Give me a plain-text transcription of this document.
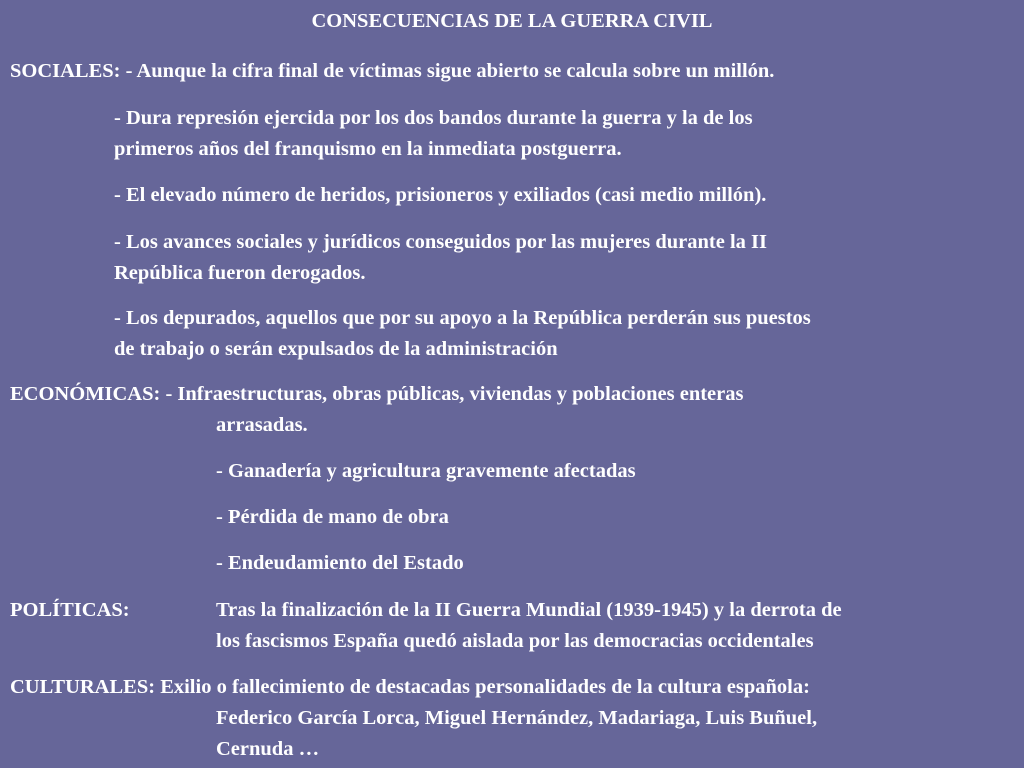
CONSECUENCIAS DE LA GUERRA CIVIL
SOCIALES: - Aunque la cifra final de víctimas sigue abierto se calcula sobre un millón.
- Dura represión ejercida por los dos bandos durante la guerra y la de los
primeros años del franquismo en la inmediata postguerra.
- El elevado número de heridos, prisioneros y exiliados (casi medio millón).
- Los avances sociales y jurídicos conseguidos por las mujeres durante la II
República fueron derogados.
- Los depurados, aquellos que por su apoyo a la República perderán sus puestos
de trabajo o serán expulsados de la administración
ECONÓMICAS: - Infraestructuras, obras públicas, viviendas y poblaciones enteras
arrasadas.
- Ganadería y agricultura gravemente afectadas
- Pérdida de mano de obra
- Endeudamiento del Estado
POLÍTICAS:	Tras la finalización de la II Guerra Mundial (1939-1945) y la derrota de
los fascismos España quedó aislada por las democracias occidentales
CULTURALES: Exilio o fallecimiento de destacadas personalidades de la cultura española:
Federico García Lorca, Miguel Hernández, Madariaga, Luis Buñuel,
Cernuda …
